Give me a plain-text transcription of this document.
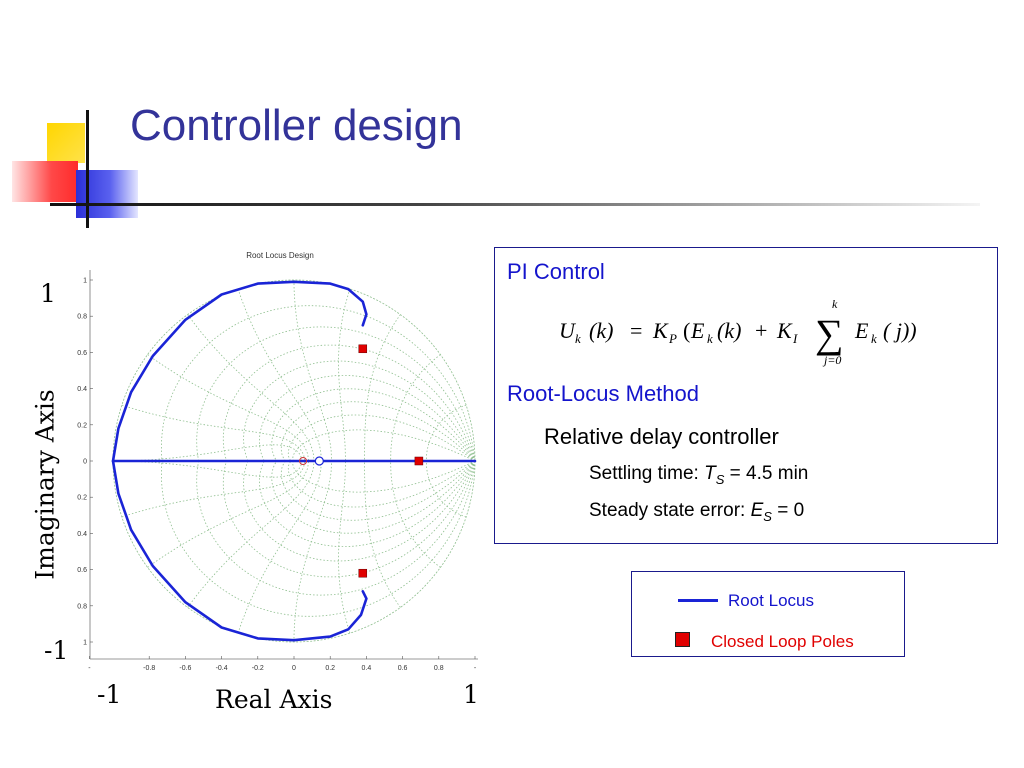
Controller design
1
0.8
0.6
0.4
0.2
0
0.2
0.4
0.6
0.8
1
-	-0.8	-0.6	-0.4	-0.2	0	0.2	0.4	0.6	0.8	-
Root Locus Design
1
-1
-1	1
Imaginary Axis
Real Axis
PI Control
U k (k) = K P ( E k (k) + K I
k
∑
j=0
E k ( j))
Root-Locus Method
Relative delay controller
Settling time: $T_S = 4.5$ min
Steady state error: $E_S = 0$
Root Locus
Closed Loop Poles
